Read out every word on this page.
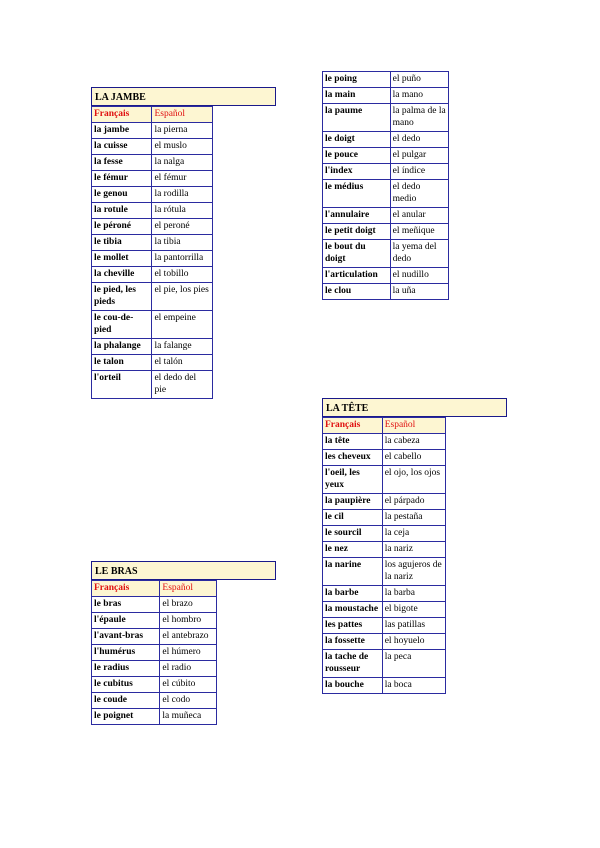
LA JAMBE
Français	Español
la jambe	la pierna
la cuisse	el muslo
la fesse	la nalga
le fémur	el fémur
le genou	la rodilla
la rotule	la rótula
le péroné	el peroné
le tibia	la tibia
le mollet	la pantorrilla
la cheville	el tobillo
le pied, les pieds	el pie, los pies
le cou-de-pied	el empeine
la phalange	la falange
le talon	el talón
l'orteil	el dedo del pie
LE BRAS
Français	Español
le bras	el brazo
l'épaule	el hombro
l'avant-bras	el antebrazo
l'humérus	el húmero
le radius	el radio
le cubitus	el cúbito
le coude	el codo
le poignet	la muñeca
le poing	el puño
la main	la mano
la paume	la palma de la mano
le doigt	el dedo
le pouce	el pulgar
l'index	el índice
le médius	el dedo medio
l'annulaire	el anular
le petit doigt	el meñique
le bout du doigt	la yema del dedo
l'articulation	el nudillo
le clou	la uña
LA TÊTE
Français	Español
la tête	la cabeza
les cheveux	el cabello
l'oeil, les yeux	el ojo, los ojos
la paupière	el párpado
le cil	la pestaña
le sourcil	la ceja
le nez	la nariz
la narine	los agujeros de la nariz
la barbe	la barba
la moustache	el bigote
les pattes	las patillas
la fossette	el hoyuelo
la tache de rousseur	la peca
la bouche	la boca
